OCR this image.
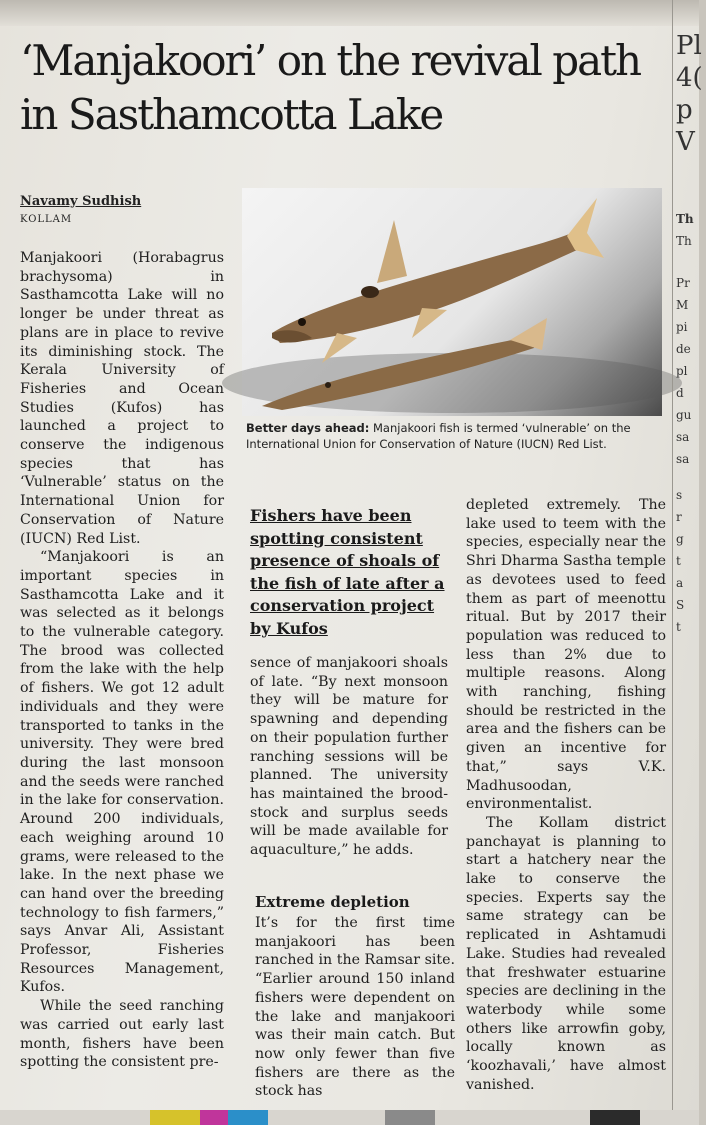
‘Manjakoori’ on the revival path in Sasthamcotta Lake
Navamy Sudhish
KOLLAM

Manjakoori (Horabagrus brachysoma) in Sasthamcotta Lake will no longer be under threat as plans are in place to revive its diminishing stock. The Kerala University of Fisheries and Ocean Studies (Kufos) has launched a project to conserve the indigenous species that has ‘Vulnerable’ status on the International Union for Conservation of Nature (IUCN) Red List.

“Manjakoori is an important species in Sasthamcotta Lake and it was selected as it belongs to the vulnerable category. The brood was collected from the lake with the help of fishers. We got 12 adult individuals and they were transported to tanks in the university. They were bred during the last monsoon and the seeds were ranched in the lake for conservation. Around 200 individuals, each weighing around 10 grams, were released to the lake. In the next phase we can hand over the breeding technology to fish farmers,” says Anvar Ali, Assistant Professor, Fisheries Resources Management, Kufos.

While the seed ranching was carried out early last month, fishers have been spotting the consistent pre-

Better days ahead: Manjakoori fish is termed ‘vulnerable’ on the International Union for Conservation of Nature (IUCN) Red List.
Fishers have been spotting consistent presence of shoals of the fish of late after a conservation project by Kufos

sence of manjakoori shoals of late. “By next monsoon they will be mature for spawning and depending on their population further ranching sessions will be planned. The university has maintained the brood-stock and surplus seeds will be made available for aquaculture,” he adds.

Extreme depletion

It’s for the first time manjakoori has been ranched in the Ramsar site. “Earlier around 150 inland fishers were dependent on the lake and manjakoori was their main catch. But now only fewer than five fishers are there as the stock has

depleted extremely. The lake used to teem with the species, especially near the Shri Dharma Sastha temple as devotees used to feed them as part of meenottu ritual. But by 2017 their population was reduced to less than 2% due to multiple reasons. Along with ranching, fishing should be restricted in the area and the fishers can be given an incentive for that,” says V.K. Madhusoodan, environmentalist.

The Kollam district panchayat is planning to start a hatchery near the lake to conserve the species. Experts say the same strategy can be replicated in Ashtamudi Lake. Studies had revealed that freshwater estuarine species are declining in the waterbody while some others like arrowfin goby, locally known as ‘koozhavali,’ have almost vanished.

Pl
4(
p
V
Th
Th
Pr
M
pi
de
pl
d
gu
sa
sa
s
r
g
t
a
S
t
